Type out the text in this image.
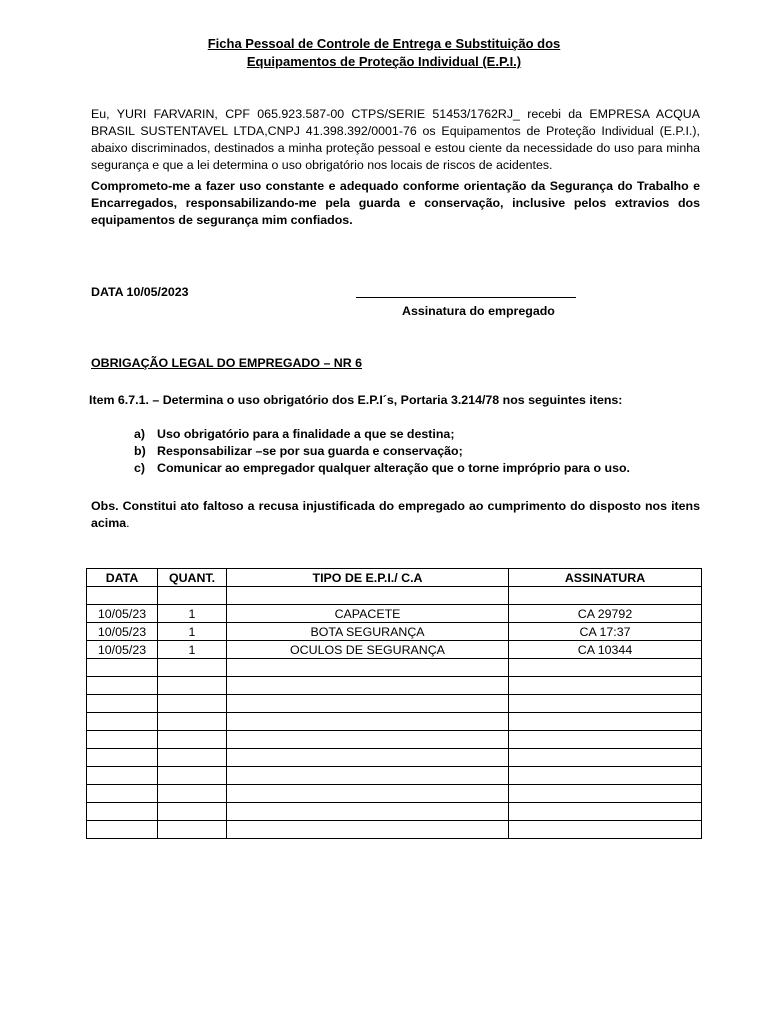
Ficha Pessoal de Controle de Entrega e Substituição dos
Equipamentos de Proteção Individual (E.P.I.)
Eu, YURI FARVARIN, CPF 065.923.587-00 CTPS/SERIE 51453/1762RJ_ recebi da EMPRESA ACQUA BRASIL SUSTENTAVEL LTDA,CNPJ 41.398.392/0001-76 os Equipamentos de Proteção Individual (E.P.I.), abaixo discriminados, destinados a minha proteção pessoal e estou ciente da necessidade do uso para minha segurança e que a lei determina o uso obrigatório nos locais de riscos de acidentes.
Comprometo-me a fazer uso constante e adequado conforme orientação da Segurança do Trabalho e Encarregados, responsabilizando-me pela guarda e conservação, inclusive pelos extravios dos equipamentos de segurança mim confiados.
DATA 10/05/2023
Assinatura do empregado
OBRIGAÇÃO LEGAL DO EMPREGADO – NR 6
Item 6.7.1. – Determina o uso obrigatório dos E.P.I´s, Portaria 3.214/78 nos seguintes itens:
a) Uso obrigatório para a finalidade a que se destina;
b) Responsabilizar –se por sua guarda e conservação;
c) Comunicar ao empregador qualquer alteração que o torne impróprio para o uso.
Obs. Constitui ato faltoso a recusa injustificada do empregado ao cumprimento do disposto nos itens acima.
DATA	QUANT.	TIPO DE E.P.I./ C.A	ASSINATURA

10/05/23	1	CAPACETE	CA 29792
10/05/23	1	BOTA SEGURANÇA	CA 17:37
10/05/23	1	OCULOS DE SEGURANÇA	CA 10344
